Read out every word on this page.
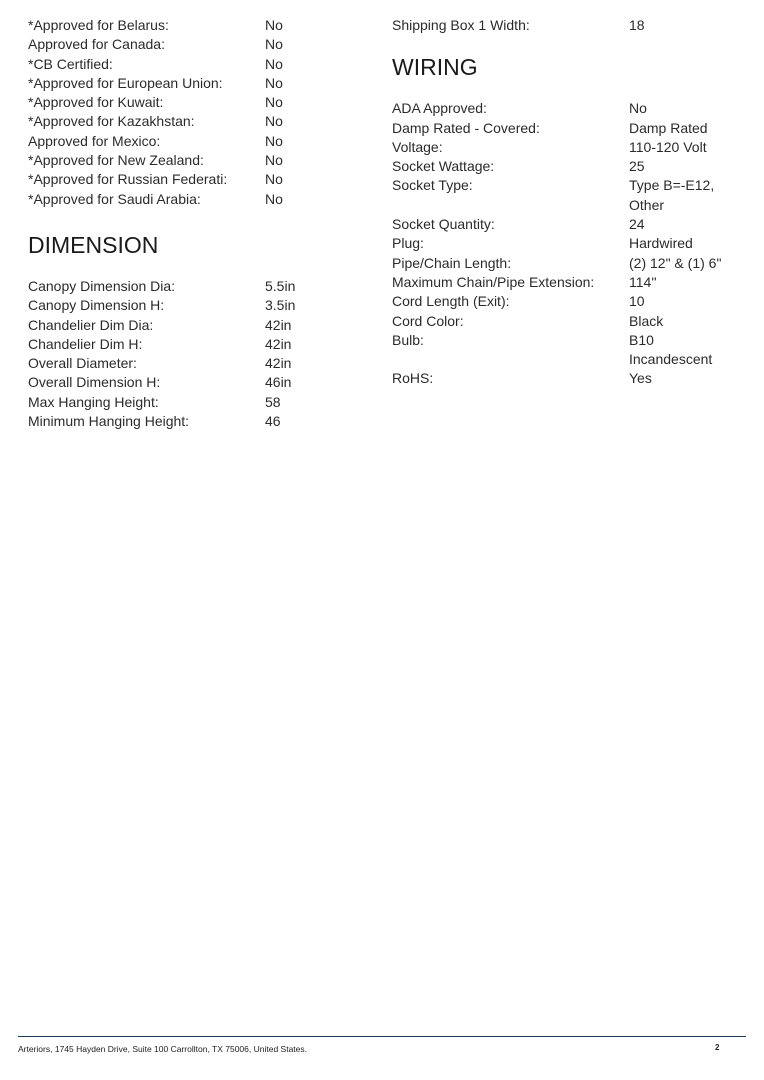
*Approved for Belarus:	No
Approved for Canada:	No
*CB Certified:	No
*Approved for European Union:	No
*Approved for Kuwait:	No
*Approved for Kazakhstan:	No
Approved for Mexico:	No
*Approved for New Zealand:	No
*Approved for Russian Federati:	No
*Approved for Saudi Arabia:	No
DIMENSION
Canopy Dimension Dia:	5.5in
Canopy Dimension H:	3.5in
Chandelier Dim Dia:	42in
Chandelier Dim H:	42in
Overall Diameter:	42in
Overall Dimension H:	46in
Max Hanging Height:	58
Minimum Hanging Height:	46
Shipping Box 1 Width:	18
WIRING
ADA Approved:	No
Damp Rated - Covered:	Damp Rated
Voltage:	110-120 Volt
Socket Wattage:	25
Socket Type:	Type B=-E12,

Other
Socket Quantity:	24
Plug:	Hardwired
Pipe/Chain Length:	(2) 12" & (1) 6"
Maximum Chain/Pipe Extension:	114''
Cord Length (Exit):	10
Cord Color:	Black
Bulb:	B10

Incandescent
RoHS:	Yes
Arteriors, 1745 Hayden Drive, Suite 100 Carrollton, TX 75006, United States.	2
